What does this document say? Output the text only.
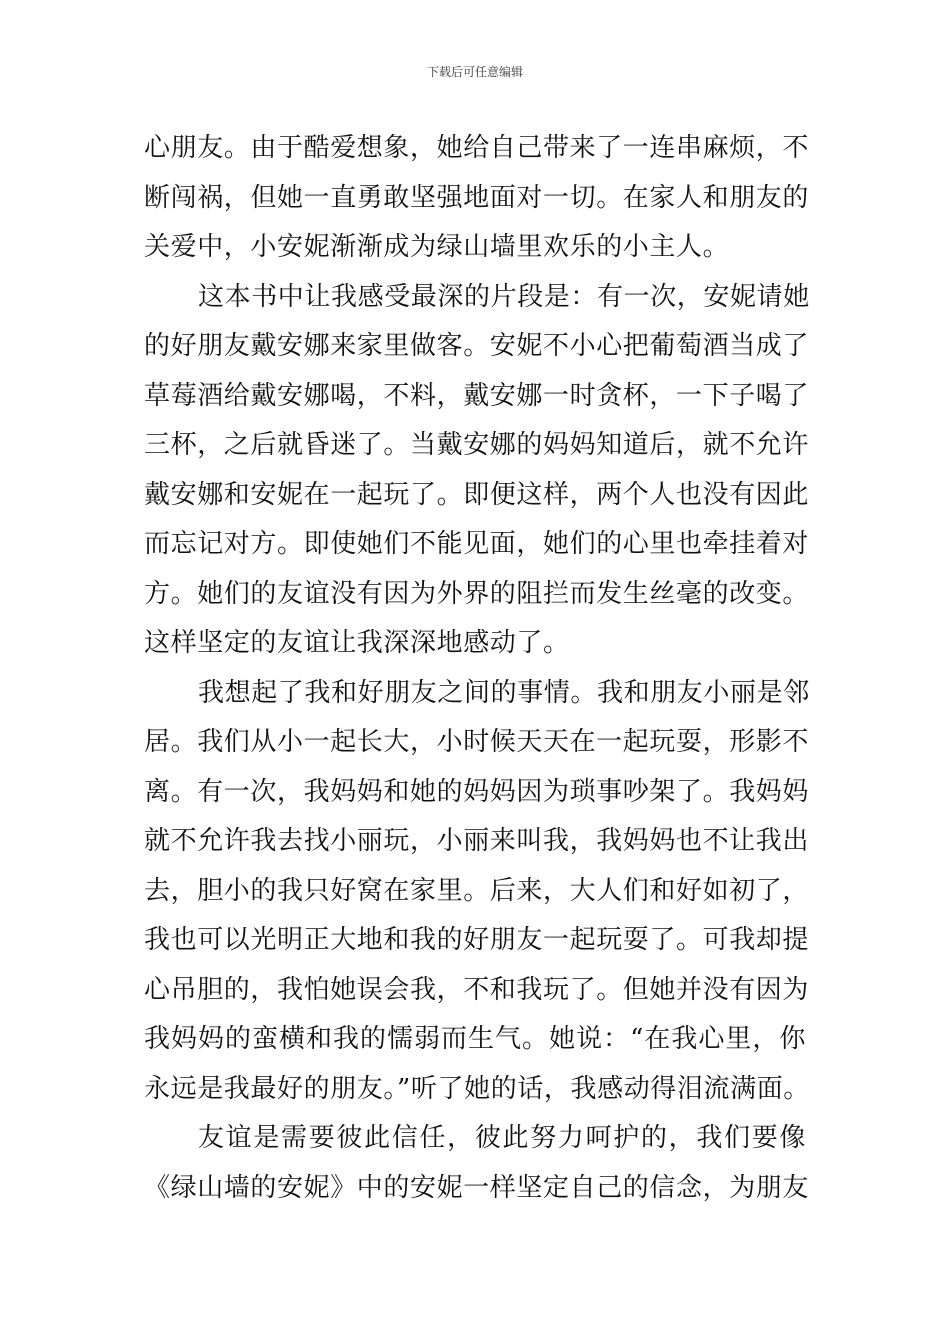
下载后可任意编辑
心朋友。由于酷爱想象，她给自己带来了一连串麻烦，不
断闯祸，但她一直勇敢坚强地面对一切。在家人和朋友的
关爱中，小安妮渐渐成为绿山墙里欢乐的小主人。
这本书中让我感受最深的片段是：有一次，安妮请她
的好朋友戴安娜来家里做客。安妮不小心把葡萄酒当成了
草莓酒给戴安娜喝，不料，戴安娜一时贪杯，一下子喝了
三杯，之后就昏迷了。当戴安娜的妈妈知道后，就不允许
戴安娜和安妮在一起玩了。即便这样，两个人也没有因此
而忘记对方。即使她们不能见面，她们的心里也牵挂着对
方。她们的友谊没有因为外界的阻拦而发生丝毫的改变。
这样坚定的友谊让我深深地感动了。
我想起了我和好朋友之间的事情。我和朋友小丽是邻
居。我们从小一起长大，小时候天天在一起玩耍，形影不
离。有一次，我妈妈和她的妈妈因为琐事吵架了。我妈妈
就不允许我去找小丽玩，小丽来叫我，我妈妈也不让我出
去，胆小的我只好窝在家里。后来，大人们和好如初了，
我也可以光明正大地和我的好朋友一起玩耍了。可我却提
心吊胆的，我怕她误会我，不和我玩了。但她并没有因为
我妈妈的蛮横和我的懦弱而生气。她说：“在我心里，你
永远是我最好的朋友。”听了她的话，我感动得泪流满面。
友谊是需要彼此信任，彼此努力呵护的，我们要像
《绿山墙的安妮》中的安妮一样坚定自己的信念，为朋友
